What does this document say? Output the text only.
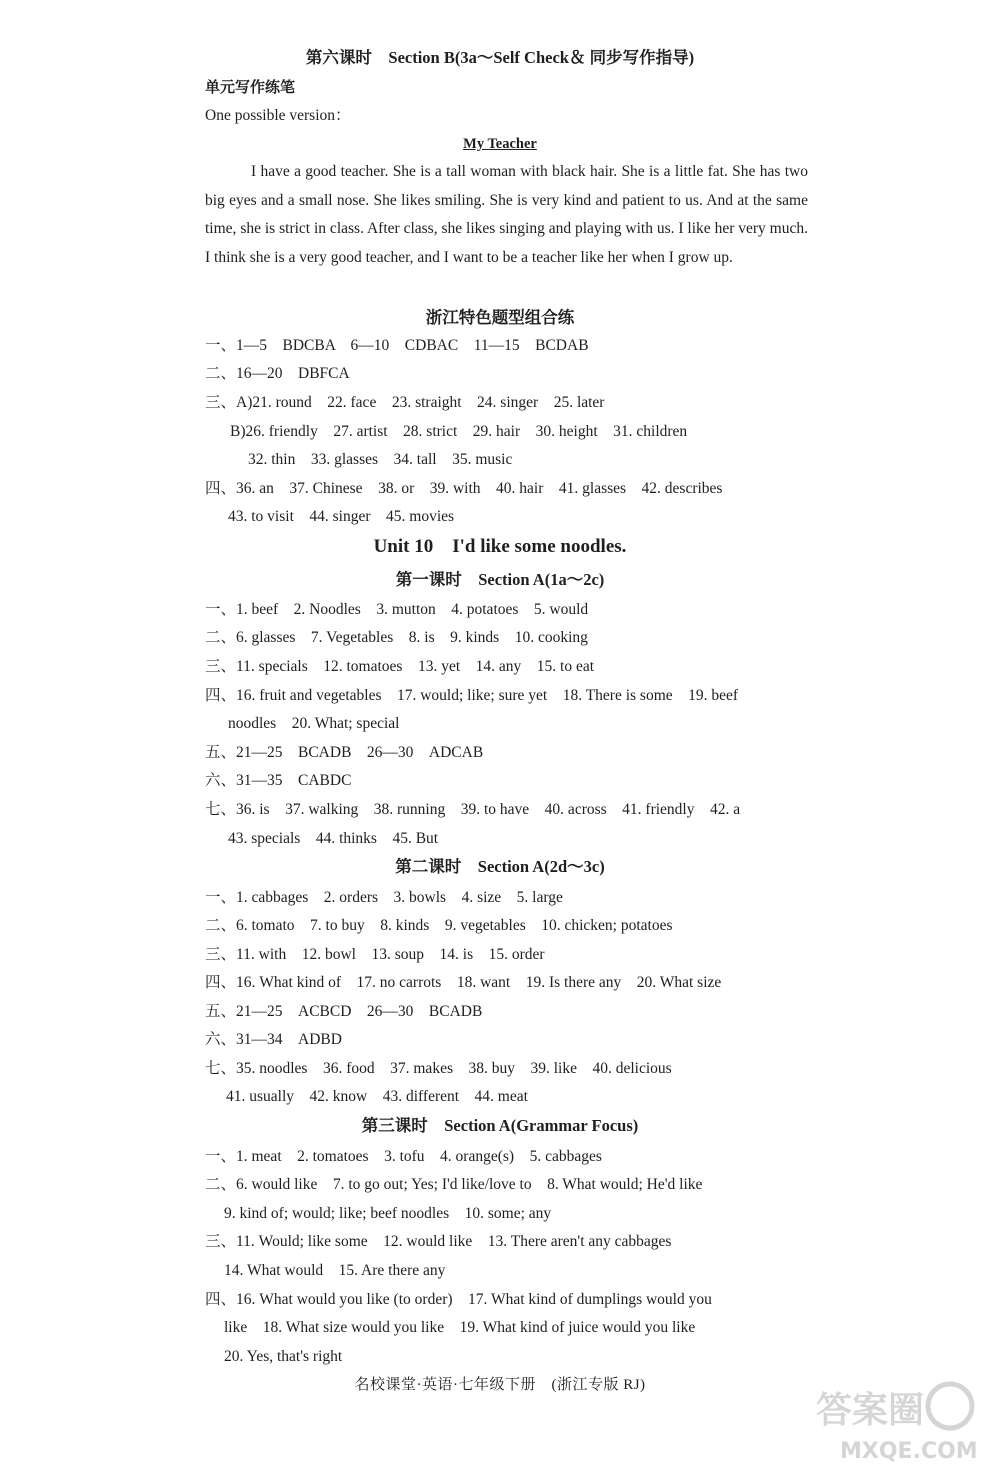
第六课时　Section B(3a～Self Check＆ 同步写作指导)
单元写作练笔
One possible version：
My Teacher
I have a good teacher. She is a tall woman with black hair. She is a little fat. She has two big eyes and a small nose. She likes smiling. She is very kind and patient to us. And at the same time, she is strict in class. After class, she likes singing and playing with us. I like her very much. I think she is a very good teacher, and I want to be a teacher like her when I grow up.
浙江特色题型组合练
一、1—5　BDCBA　6—10　CDBAC　11—15　BCDAB
二、16—20　DBFCA
三、A)21. round　22. face　23. straight　24. singer　25. later
B)26. friendly　27. artist　28. strict　29. hair　30. height　31. children
32. thin　33. glasses　34. tall　35. music
四、36. an　37. Chinese　38. or　39. with　40. hair　41. glasses　42. describes
43. to visit　44. singer　45. movies
Unit 10　I'd like some noodles.
第一课时　Section A(1a～2c)
一、1. beef　2. Noodles　3. mutton　4. potatoes　5. would
二、6. glasses　7. Vegetables　8. is　9. kinds　10. cooking
三、11. specials　12. tomatoes　13. yet　14. any　15. to eat
四、16. fruit and vegetables　17. would; like; sure yet　18. There is some　19. beef
noodles　20. What; special
五、21—25　BCADB　26—30　ADCAB
六、31—35　CABDC
七、36. is　37. walking　38. running　39. to have　40. across　41. friendly　42. a
43. specials　44. thinks　45. But
第二课时　Section A(2d～3c)
一、1. cabbages　2. orders　3. bowls　4. size　5. large
二、6. tomato　7. to buy　8. kinds　9. vegetables　10. chicken; potatoes
三、11. with　12. bowl　13. soup　14. is　15. order
四、16. What kind of　17. no carrots　18. want　19. Is there any　20. What size
五、21—25　ACBCD　26—30　BCADB
六、31—34　ADBD
七、35. noodles　36. food　37. makes　38. buy　39. like　40. delicious
41. usually　42. know　43. different　44. meat
第三课时　Section A(Grammar Focus)
一、1. meat　2. tomatoes　3. tofu　4. orange(s)　5. cabbages
二、6. would like　7. to go out; Yes; I'd like/love to　8. What would; He'd like
9. kind of; would; like; beef noodles　10. some; any
三、11. Would; like some　12. would like　13. There aren't any cabbages
14. What would　15. Are there any
四、16. What would you like (to order)　17. What kind of dumplings would you
like　18. What size would you like　19. What kind of juice would you like
20. Yes, that's right
名校课堂·英语·七年级下册　(浙江专版 RJ)
答案圈
MXQE.COM
